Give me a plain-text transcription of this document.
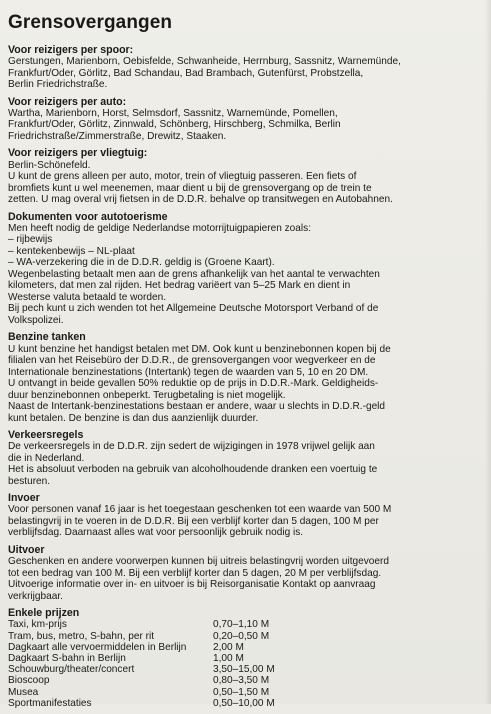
Grensovergangen
Voor reizigers per spoor:

Gerstungen, Marienborn, Oebisfelde, Schwanheide, Herrnburg, Sassnitz, Warnemünde,
Frankfurt/Oder, Görlitz, Bad Schandau, Bad Brambach, Gutenfürst, Probstzella,
Berlin Friedrichstraße.

Voor reizigers per auto:

Wartha, Marienborn, Horst, Selmsdorf, Sassnitz, Warnemünde, Pomellen,
Frankfurt/Oder, Görlitz, Zinnwald, Schönberg, Hirschberg, Schmilka, Berlin
Friedrichstraße/Zimmerstraße, Drewitz, Staaken.

Voor reizigers per vliegtuig:

Berlin-Schönefeld.
U kunt de grens alleen per auto, motor, trein of vliegtuig passeren. Een fiets of
bromfiets kunt u wel meenemen, maar dient u bij de grensovergang op de trein te
zetten. U mag overal vrij fietsen in de D.D.R. behalve op transitwegen en Autobahnen.

Dokumenten voor autotoerisme

Men heeft nodig de geldige Nederlandse motorrijtuigpapieren zoals:
– rijbewijs
– kentekenbewijs – NL-plaat
– WA-verzekering die in de D.D.R. geldig is (Groene Kaart).
Wegenbelasting betaalt men aan de grens afhankelijk van het aantal te verwachten
kilometers, dat men zal rijden. Het bedrag variëert van 5–25 Mark en dient in
Westerse valuta betaald te worden.
Bij pech kunt u zich wenden tot het Allgemeine Deutsche Motorsport Verband of de
Volkspolizei.

Benzine tanken

U kunt benzine het handigst betalen met DM. Ook kunt u benzinebonnen kopen bij de
filialen van het Reisebüro der D.D.R., de grensovergangen voor wegverkeer en de
Internationale benzinestations (Intertank) tegen de waarden van 5, 10 en 20 DM.
U ontvangt in beide gevallen 50% reduktie op de prijs in D.D.R.-Mark. Geldigheids-
duur benzinebonnen onbeperkt. Terugbetaling is niet mogelijk.
Naast de Intertank-benzinestations bestaan er andere, waar u slechts in D.D.R.-geld
kunt betalen. De benzine is dan dus aanzienlijk duurder.

Verkeersregels

De verkeersregels in de D.D.R. zijn sedert de wijzigingen in 1978 vrijwel gelijk aan
die in Nederland.
Het is absoluut verboden na gebruik van alcoholhoudende dranken een voertuig te
besturen.

Invoer

Voor personen vanaf 16 jaar is het toegestaan geschenken tot een waarde van 500 M
belastingvrij in te voeren in de D.D.R. Bij een verblijf korter dan 5 dagen, 100 M per
verblijfsdag. Daarnaast alles wat voor persoonlijk gebruik nodig is.

Uitvoer

Geschenken en andere voorwerpen kunnen bij uitreis belastingvrij worden uitgevoerd
tot een bedrag van 100 M. Bij een verblijf korter dan 5 dagen, 20 M per verblijfsdag.
Uitvoerige informatie over in- en uitvoer is bij Reisorganisatie Kontakt op aanvraag
verkrijgbaar.

Enkele prijzen
Taxi, km-prijs	0,70–1,10 M
Tram, bus, metro, S-bahn, per rit	0,20–0,50 M
Dagkaart alle vervoermiddelen in Berlijn	2,00 M
Dagkaart S-bahn in Berlijn	1,00 M
Schouwburg/theater/concert	3,50–15,00 M
Bioscoop	0,80–3,50 M
Musea	0,50–1,50 M
Sportmanifestaties	0,50–10,00 M
